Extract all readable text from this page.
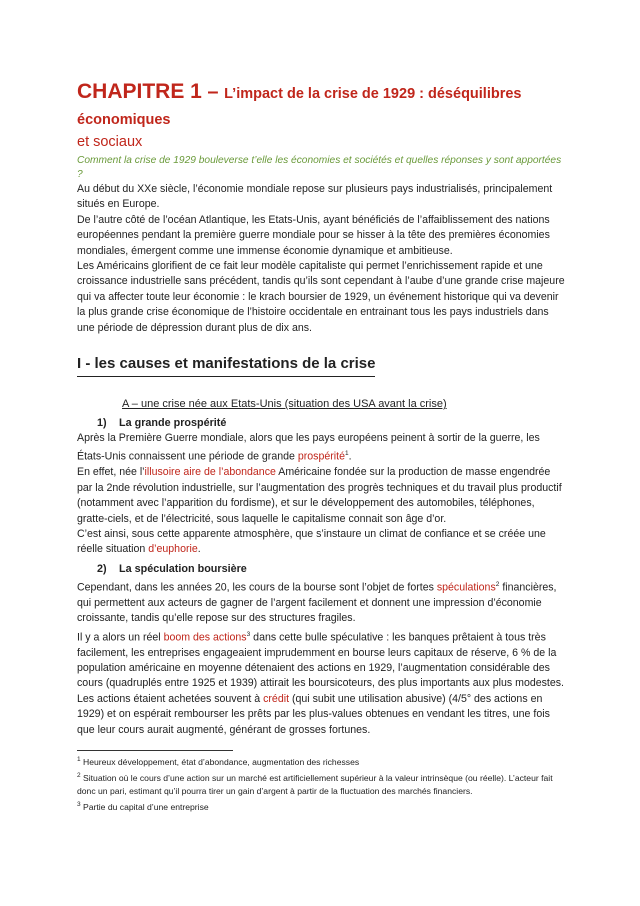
CHAPITRE 1 – L’impact de la crise de 1929 : déséquilibres économiques
et sociaux
Comment la crise de 1929 bouleverse t’elle les économies et sociétés et quelles réponses y sont apportées ?

Au début du XXe siècle, l’économie mondiale repose sur plusieurs pays industrialisés, principalement situés en Europe.

De l’autre côté de l’océan Atlantique, les Etats-Unis, ayant bénéficiés de l’affaiblissement des nations européennes pendant la première guerre mondiale pour se hisser à la tête des premières économies mondiales, émergent comme une immense économie dynamique et ambitieuse.

Les Américains glorifient de ce fait leur modèle capitaliste qui permet l’enrichissement rapide et une croissance industrielle sans précédent, tandis qu’ils sont cependant à l’aube d’une grande crise majeure qui va affecter toute leur économie : le krach boursier de 1929, un événement historique qui va devenir la plus grande crise économique de l’histoire occidentale en entrainant tous les pays industriels dans une période de dépression durant plus de dix ans.

I - les causes et manifestations de la crise
A – une crise née aux Etats-Unis (situation des USA avant la crise)
1) La grande prospérité

Après la Première Guerre mondiale, alors que les pays européens peinent à sortir de la guerre, les États-Unis connaissent une période de grande prospérité$^1$.

En effet, née l’illusoire aire de l’abondance Américaine fondée sur la production de masse engendrée par la 2nde révolution industrielle, sur l’augmentation des progrès techniques et du travail plus productif (notamment avec l’apparition du fordisme), et sur le développement des automobiles, téléphones, gratte-ciels, et de l’électricité, sous laquelle le capitalisme connait son âge d’or.

C’est ainsi, sous cette apparente atmosphère, que s’instaure un climat de confiance et se créée une réelle situation d’euphorie.

2) La spéculation boursière

Cependant, dans les années 20, les cours de la bourse sont l’objet de fortes spéculations$^2$ financières, qui permettent aux acteurs de gagner de l’argent facilement et donnent une impression d’économie croissante, tandis qu’elle repose sur des structures fragiles.

Il y a alors un réel boom des actions$^3$ dans cette bulle spéculative : les banques prêtaient à tous très facilement, les entreprises engageaient imprudemment en bourse leurs capitaux de réserve, 6 % de la population américaine en moyenne détenaient des actions en 1929, l’augmentation considérable des cours (quadruplés entre 1925 et 1939) attirait les boursicoteurs, des plus importants aux plus modestes.

Les actions étaient achetées souvent à crédit (qui subit une utilisation abusive) (4/5° des actions en 1929) et on espérait rembourser les prêts par les plus-values obtenues en vendant les titres, une fois que leur cours aurait augmenté, générant de grosses fortunes.

$^1$ Heureux développement, état d’abondance, augmentation des richesses

$^2$ Situation où le cours d’une action sur un marché est artificiellement supérieur à la valeur intrinsèque (ou réelle). L’acteur fait donc un pari, estimant qu’il pourra tirer un gain d’argent à partir de la fluctuation des marchés financiers.

$^3$ Partie du capital d’une entreprise
